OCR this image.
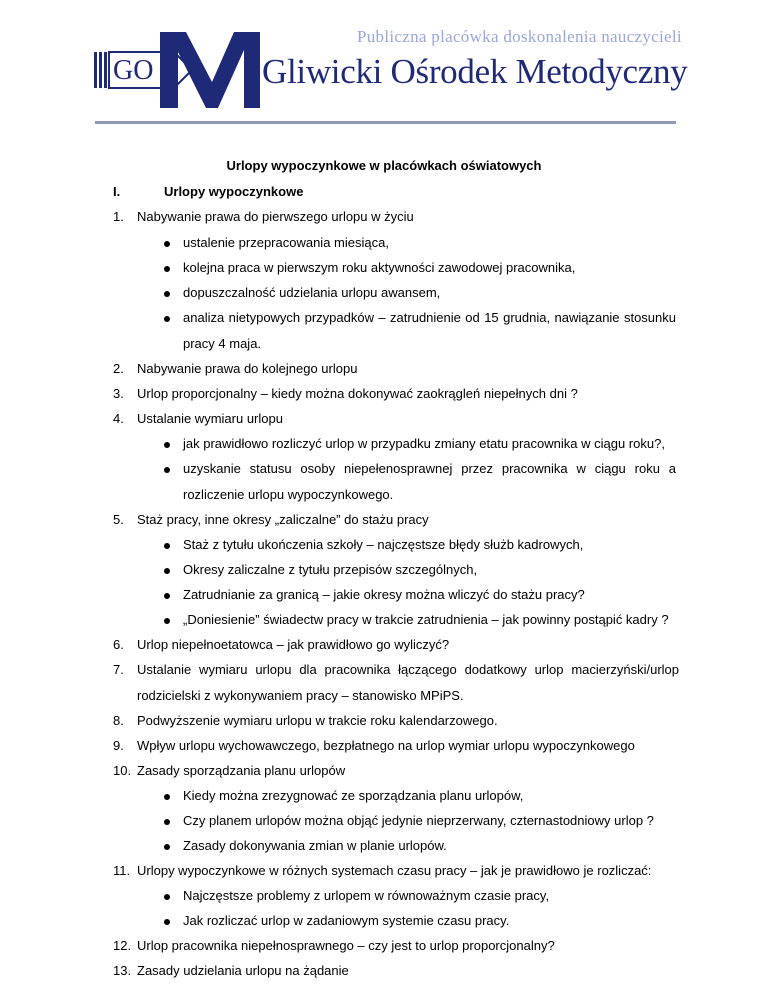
GO
Publiczna placówka doskonalenia nauczycieli
Gliwicki Ośrodek Metodyczny
Urlopy wypoczynkowe w placówkach oświatowych
I.	Urlopy wypoczynkowe
1.	Nabywanie prawa do pierwszego urlopu w życiu
ustalenie przepracowania miesiąca,
kolejna praca w pierwszym roku aktywności zawodowej pracownika,
dopuszczalność udzielania urlopu awansem,
analiza nietypowych przypadków – zatrudnienie od 15 grudnia, nawiązanie stosunku
pracy 4 maja.
2.	Nabywanie prawa do kolejnego urlopu
3.	Urlop proporcjonalny – kiedy można dokonywać zaokrągleń niepełnych dni ?
4.	Ustalanie wymiaru urlopu
jak prawidłowo rozliczyć urlop w przypadku zmiany etatu pracownika w ciągu roku?,
uzyskanie statusu osoby niepełenosprawnej przez pracownika w ciągu roku a
rozliczenie urlopu wypoczynkowego.
5.	Staż pracy, inne okresy „zaliczalne” do stażu pracy
Staż z tytułu ukończenia szkoły – najczęstsze błędy służb kadrowych,
Okresy zaliczalne z tytułu przepisów szczególnych,
Zatrudnianie za granicą – jakie okresy można wliczyć do stażu pracy?
„Doniesienie” świadectw pracy w trakcie zatrudnienia – jak powinny postąpić kadry ?
6.	Urlop niepełnoetatowca – jak prawidłowo go wyliczyć?
7.	Ustalanie wymiaru urlopu dla pracownika łączącego dodatkowy urlop macierzyński/urlop
rodzicielski z wykonywaniem pracy – stanowisko MPiPS.
8.	Podwyższenie wymiaru urlopu w trakcie roku kalendarzowego.
9.	Wpływ urlopu wychowawczego, bezpłatnego na urlop wymiar urlopu wypoczynkowego
10. Zasady sporządzania planu urlopów
Kiedy można zrezygnować ze sporządzania planu urlopów,
Czy planem urlopów można objąć jedynie nieprzerwany, czternastodniowy urlop ?
Zasady dokonywania zmian w planie urlopów.
11. Urlopy wypoczynkowe w różnych systemach czasu pracy – jak je prawidłowo je rozliczać:
Najczęstsze problemy z urlopem w równoważnym czasie pracy,
Jak rozliczać urlop w zadaniowym systemie czasu pracy.
12. Urlop pracownika niepełnosprawnego – czy jest to urlop proporcjonalny?
13. Zasady udzielania urlopu na żądanie
